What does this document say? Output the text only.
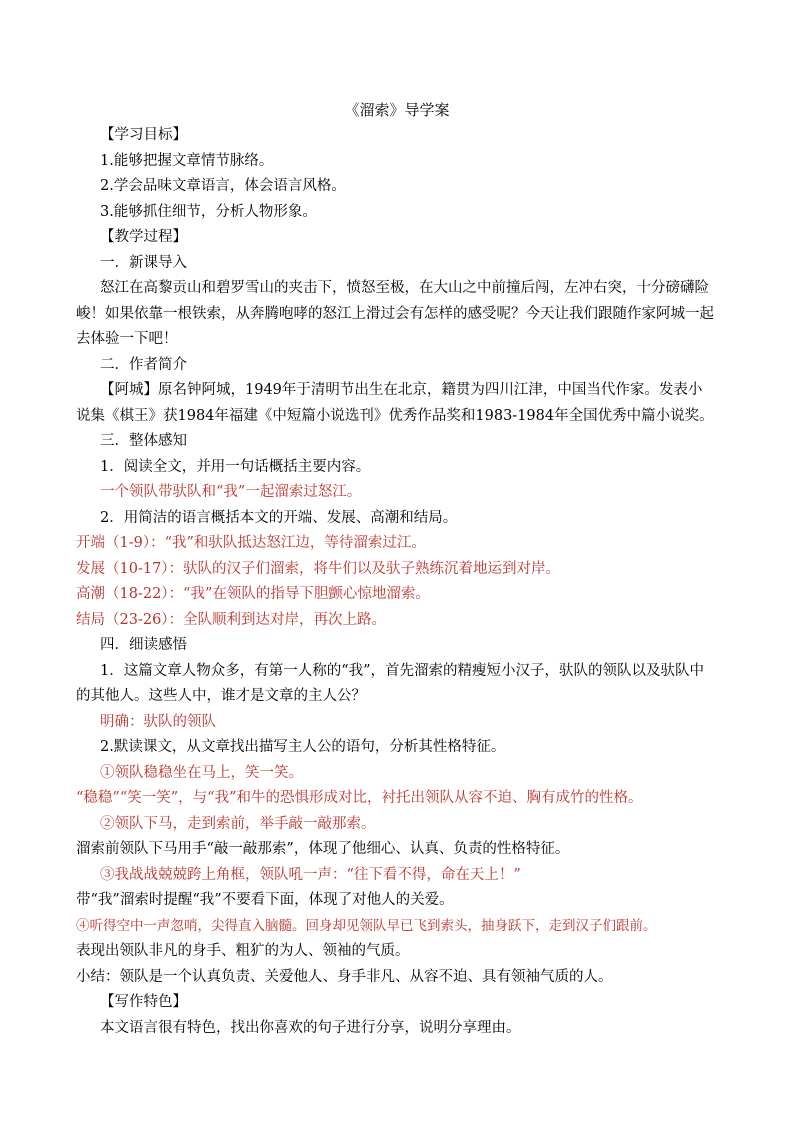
《溜索》导学案
【学习目标】
1.能够把握文章情节脉络。
2.学会品味文章语言，体会语言风格。
3.能够抓住细节，分析人物形象。
【教学过程】
一．新课导入
怒江在高黎贡山和碧罗雪山的夹击下，愤怒至极，在大山之中前撞后闯，左冲右突，十分磅礴险峻！如果依靠一根铁索，从奔腾咆哮的怒江上滑过会有怎样的感受呢？今天让我们跟随作家阿城一起去体验一下吧！
二．作者简介
【阿城】原名钟阿城，1949年于清明节出生在北京，籍贯为四川江津，中国当代作家。发表小说集《棋王》获1984年福建《中短篇小说选刊》优秀作品奖和1983-1984年全国优秀中篇小说奖。
三．整体感知
1．阅读全文，并用一句话概括主要内容。
一个领队带驮队和“我”一起溜索过怒江。
2．用简洁的语言概括本文的开端、发展、高潮和结局。
开端（1-9）：“我”和驮队抵达怒江边，等待溜索过江。
发展（10-17）：驮队的汉子们溜索，将牛们以及驮子熟练沉着地运到对岸。
高潮（18-22）：“我”在领队的指导下胆颤心惊地溜索。
结局（23-26）：全队顺利到达对岸，再次上路。
四．细读感悟
1．这篇文章人物众多，有第一人称的“我”，首先溜索的精瘦短小汉子，驮队的领队以及驮队中的其他人。这些人中，谁才是文章的主人公？
明确：驮队的领队
2.默读课文，从文章找出描写主人公的语句，分析其性格特征。
①领队稳稳坐在马上，笑一笑。
“稳稳”“笑一笑”，与“我”和牛的恐惧形成对比，衬托出领队从容不迫、胸有成竹的性格。
②领队下马，走到索前，举手敲一敲那索。
溜索前领队下马用手“敲一敲那索”，体现了他细心、认真、负责的性格特征。
③我战战兢兢跨上角框，领队吼一声：“往下看不得，命在天上！”
带“我”溜索时提醒“我”不要看下面，体现了对他人的关爱。
④听得空中一声忽哨，尖得直入脑髓。回身却见领队早已飞到索头，抽身跃下，走到汉子们跟前。
表现出领队非凡的身手、粗犷的为人、领袖的气质。
小结：领队是一个认真负责、关爱他人、身手非凡、从容不迫、具有领袖气质的人。
【写作特色】
本文语言很有特色，找出你喜欢的句子进行分享，说明分享理由。
